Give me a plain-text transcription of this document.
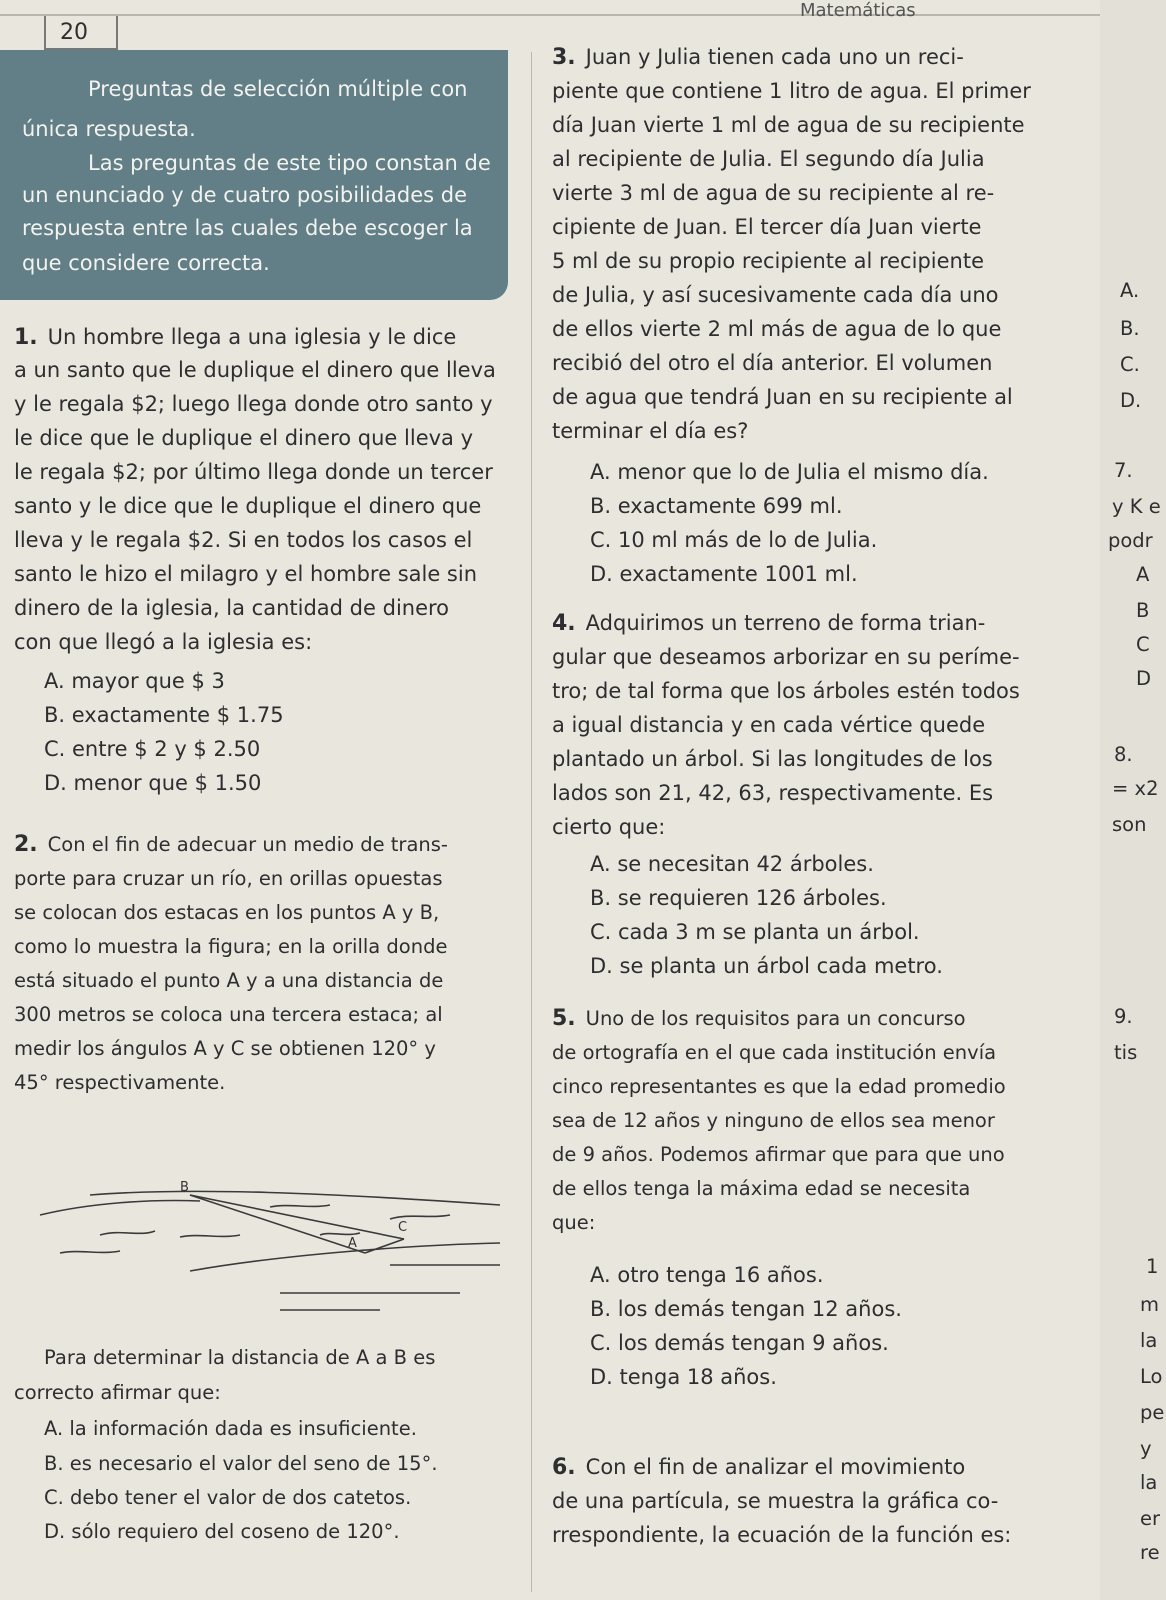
20
Matemáticas
Preguntas de selección múltiple con
única respuesta.
Las preguntas de este tipo constan de
un enunciado y de cuatro posibilidades de
respuesta entre las cuales debe escoger la
que considere correcta.
1. Un hombre llega a una iglesia y le dice
a un santo que le duplique el dinero que lleva
y le regala $2; luego llega donde otro santo y
le dice que le duplique el dinero que lleva y
le regala $2; por último llega donde un tercer
santo y le dice que le duplique el dinero que
lleva y le regala $2. Si en todos los casos el
santo le hizo el milagro y el hombre sale sin
dinero de la iglesia, la cantidad de dinero
con que llegó a la iglesia es:
A. mayor que $ 3
B. exactamente $ 1.75
C. entre $ 2 y $ 2.50
D. menor que $ 1.50
2. Con el fin de adecuar un medio de trans-
porte para cruzar un río, en orillas opuestas
se colocan dos estacas en los puntos A y B,
como lo muestra la figura; en la orilla donde
está situado el punto A y a una distancia de
300 metros se coloca una tercera estaca; al
medir los ángulos A y C se obtienen 120° y
45° respectivamente.
B
A
C
Para determinar la distancia de A a B es
correcto afirmar que:
A. la información dada es insuficiente.
B. es necesario el valor del seno de 15°.
C. debo tener el valor de dos catetos.
D. sólo requiero del coseno de 120°.
3. Juan y Julia tienen cada uno un reci-
piente que contiene 1 litro de agua. El primer
día Juan vierte 1 ml de agua de su recipiente
al recipiente de Julia. El segundo día Julia
vierte 3 ml de agua de su recipiente al re-
cipiente de Juan. El tercer día Juan vierte
5 ml de su propio recipiente al recipiente
de Julia, y así sucesivamente cada día uno
de ellos vierte 2 ml más de agua de lo que
recibió del otro el día anterior. El volumen
de agua que tendrá Juan en su recipiente al
terminar el día es?
A. menor que lo de Julia el mismo día.
B. exactamente 699 ml.
C. 10 ml más de lo de Julia.
D. exactamente 1001 ml.
4. Adquirimos un terreno de forma trian-
gular que deseamos arborizar en su períme-
tro; de tal forma que los árboles estén todos
a igual distancia y en cada vértice quede
plantado un árbol. Si las longitudes de los
lados son 21, 42, 63, respectivamente. Es
cierto que:
A. se necesitan 42 árboles.
B. se requieren 126 árboles.
C. cada 3 m se planta un árbol.
D. se planta un árbol cada metro.
5. Uno de los requisitos para un concurso
de ortografía en el que cada institución envía
cinco representantes es que la edad promedio
sea de 12 años y ninguno de ellos sea menor
de 9 años. Podemos afirmar que para que uno
de ellos tenga la máxima edad se necesita
que:
A. otro tenga 16 años.
B. los demás tengan 12 años.
C. los demás tengan 9 años.
D. tenga 18 años.
6. Con el fin de analizar el movimiento
de una partícula, se muestra la gráfica co-
rrespondiente, la ecuación de la función es:
A.
B.
C.
D.
7.
y K e
podr
A
B
C
D
8.
= x2
son
9.
tis
1
m
la
Lo
pe
y
la
er
re
